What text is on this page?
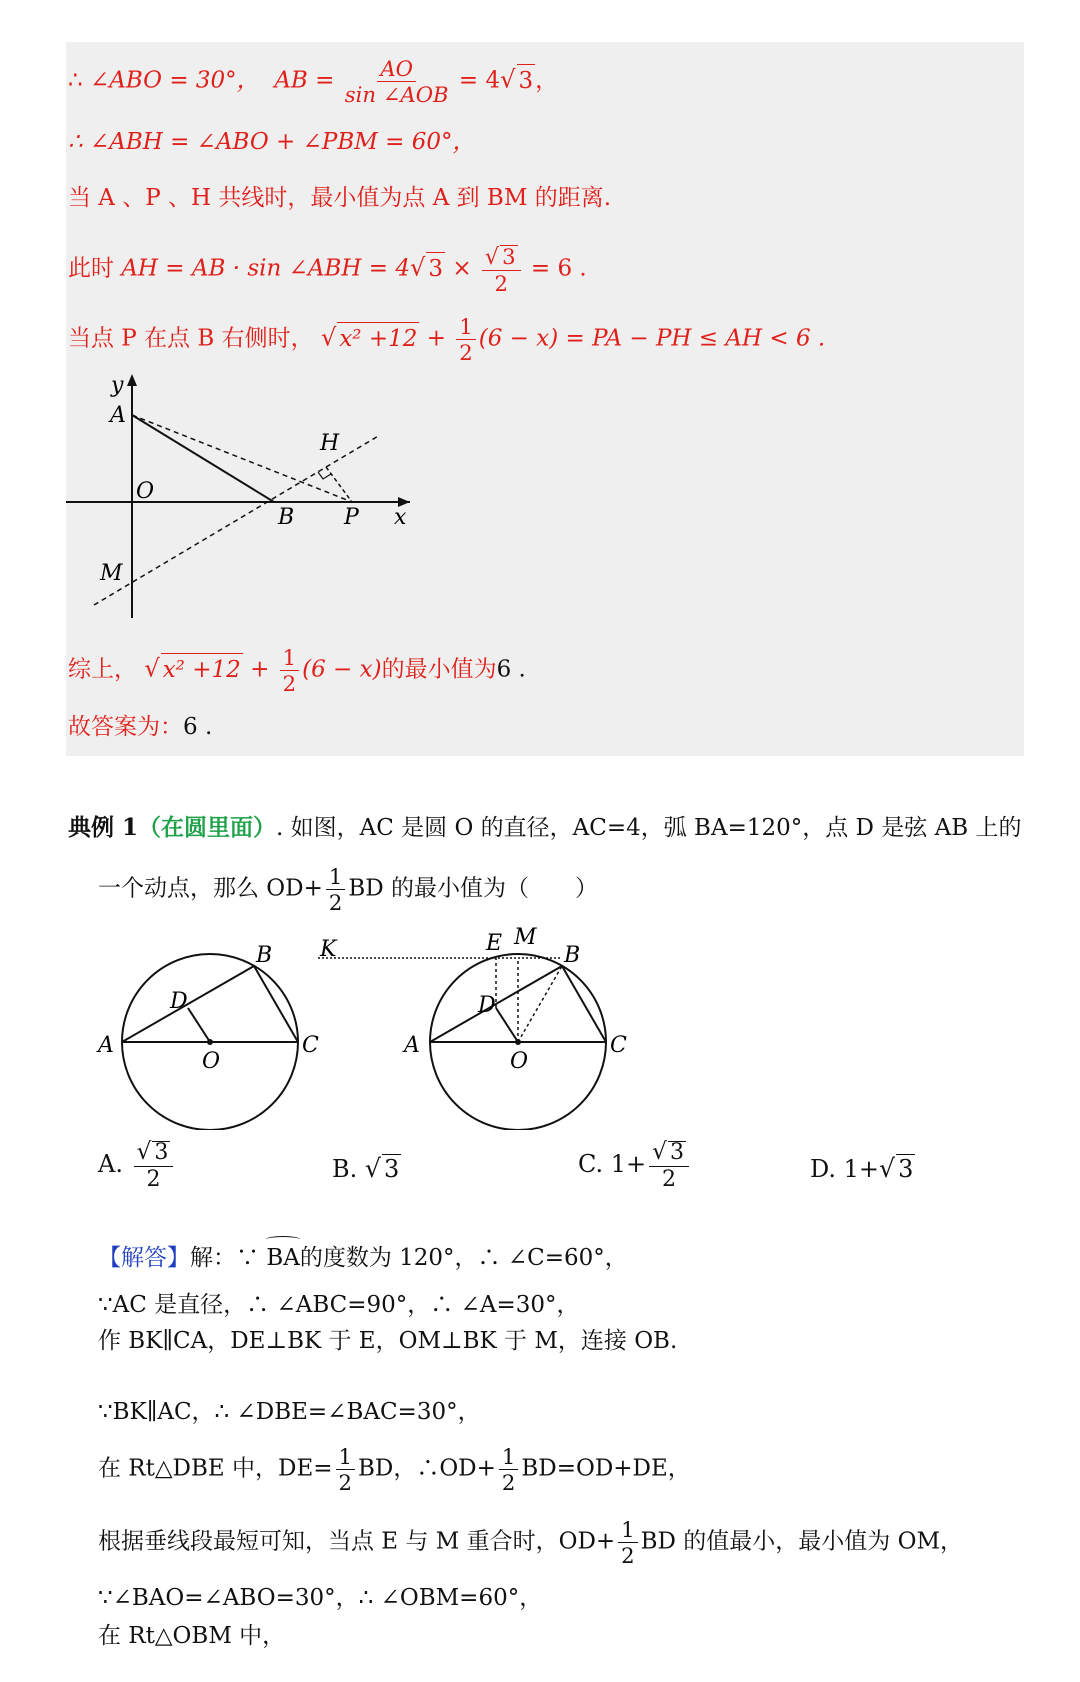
∴ ∠ABO = 30°， AB = $\frac{AO}{\text{sin ∠AOB}} = 4√$ 3，
∴ ∠ABH = ∠ABO + ∠PBM = 60°，
当 A 、P 、H 共线时，最小值为点 A 到 BM 的距离.
此时 AH = AB · sin ∠ABH = 4√ $3 \times \frac{√ 3}{2} = 6$ .
当点 P 在点 B 右侧时， √ $x^2 +12 + \frac{1}{2} (6 - x)$ = PA − PH ≤ AH < 6 .
y
A
H
O
B P x
M
综上， √ $x^2 +12 + \frac{1}{2} (6 - x)$的最小值为6 .
故答案为：6 .
典例 1（在圆里面）. 如图，AC 是圆 O 的直径，AC=4，弧 BA=120°，点 D 是弦 AB 上的
一个动点，那么 $OD+ \frac{1}{2}$ BD 的最小值为（　　）
A
B
C
D
O
K	E M
B
A	C
D
O
A. $\frac{√ 3}{2}$	B. √ 3	C. $1+ \frac{√ 3}{2}$	D. 1+√ 3
【解答】解：∵ BA的度数为 120°，∴ ∠C=60°，
∵AC 是直径，∴ ∠ABC=90°，∴ ∠A=30°，
作 BK∥CA，DE⊥BK 于 E，OM⊥BK 于 M，连接 OB.
∵BK∥AC，∴ ∠DBE=∠BAC=30°，
在 Rt△DBE 中，$DE= \frac{1}{2}$ BD，∴OD+ $\frac{1}{2} BD=OD+DE$，
根据垂线段最短可知，当点 E 与 M 重合时，$OD+ \frac{1}{2}$ BD 的值最小，最小值为 OM，
∵∠BAO=∠ABO=30°，∴ ∠OBM=60°，
在 Rt△OBM 中，
